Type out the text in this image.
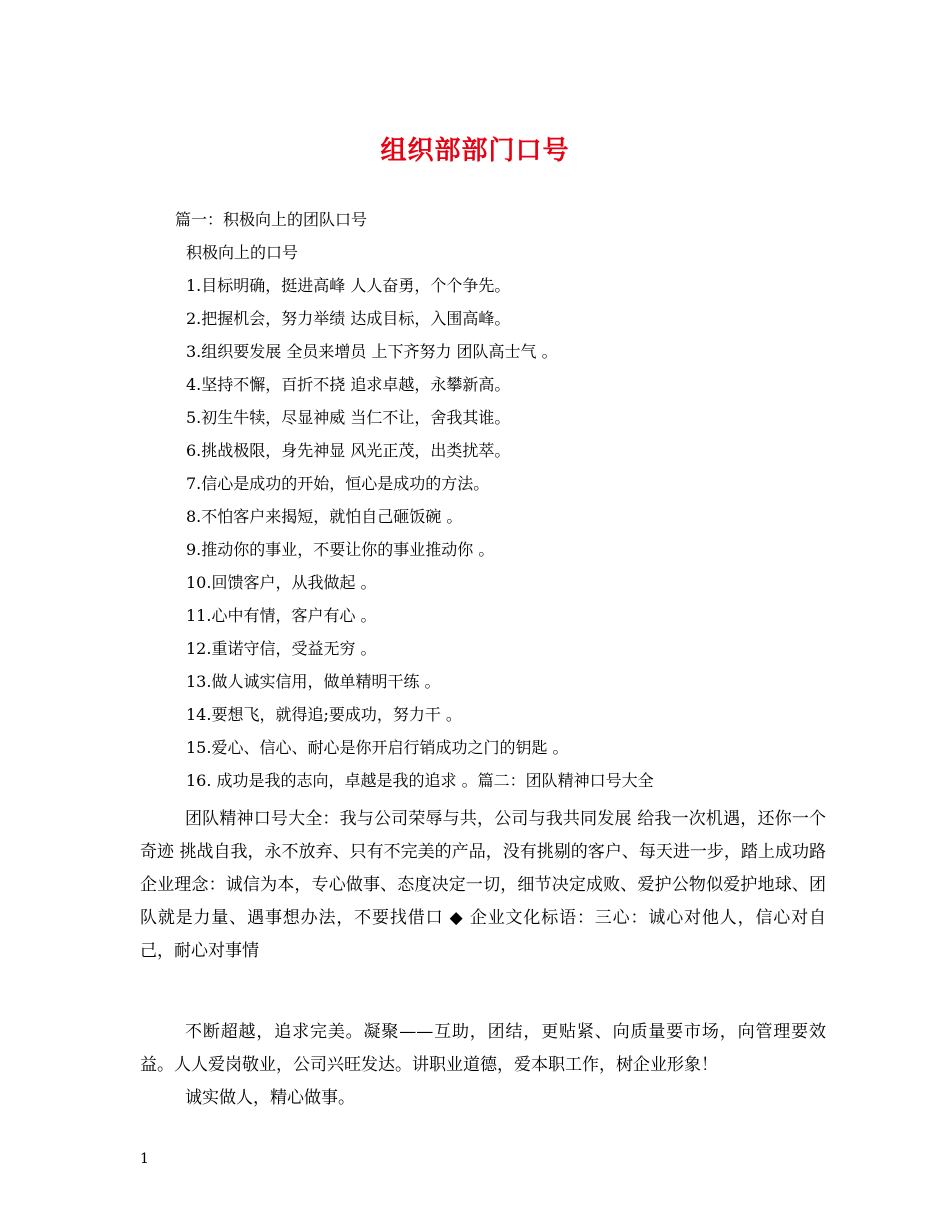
组织部部门口号
篇一：积极向上的团队口号
积极向上的口号
1.目标明确，挺进高峰 人人奋勇，个个争先。
2.把握机会，努力举绩 达成目标，入围高峰。
3.组织要发展 全员来增员 上下齐努力 团队高士气 。
4.坚持不懈，百折不挠 追求卓越，永攀新高。
5.初生牛犊，尽显神威 当仁不让，舍我其谁。
6.挑战极限，身先神显 风光正茂，出类扰萃。
7.信心是成功的开始，恒心是成功的方法。
8.不怕客户来揭短，就怕自己砸饭碗 。
9.推动你的事业，不要让你的事业推动你 。
10.回馈客户，从我做起 。
11.心中有情，客户有心 。
12.重诺守信，受益无穷 。
13.做人诚实信用，做单精明干练 。
14.要想飞，就得追;要成功，努力干 。
15.爱心、信心、耐心是你开启行销成功之门的钥匙 。
16. 成功是我的志向，卓越是我的追求 。篇二：团队精神口号大全
团队精神口号大全：我与公司荣辱与共，公司与我共同发展 给我一次机遇，还你一个奇迹 挑战自我，永不放弃、只有不完美的产品，没有挑剔的客户、每天进一步，踏上成功路企业理念：诚信为本，专心做事、态度决定一切，细节决定成败、爱护公物似爱护地球、团队就是力量、遇事想办法，不要找借口 ◆ 企业文化标语：三心：诚心对他人，信心对自己，耐心对事情
不断超越，追求完美。凝聚——互助，团结，更贴紧、向质量要市场，向管理要效益。人人爱岗敬业，公司兴旺发达。讲职业道德，爱本职工作，树企业形象！
诚实做人，精心做事。
1
